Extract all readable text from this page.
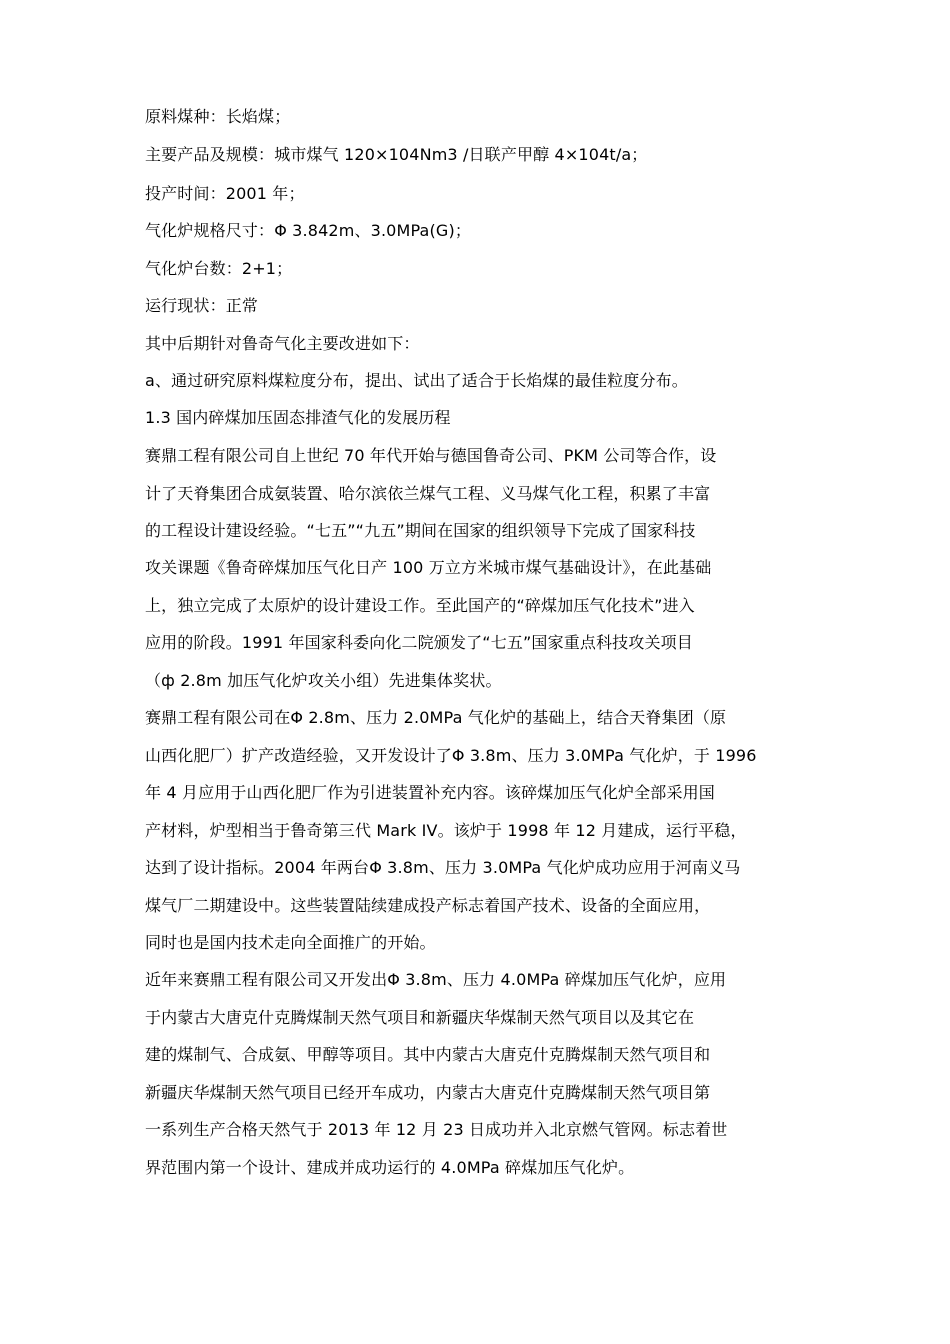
原料煤种：长焰煤；

主要产品及规模：城市煤气 120×104Nm3 /日联产甲醇 4×104t/a；

投产时间：2001 年；

气化炉规格尺寸：Φ 3.842m、3.0MPa(G)；

气化炉台数：2+1；

运行现状：正常

其中后期针对鲁奇气化主要改进如下：

a、通过研究原料煤粒度分布，提出、试出了适合于长焰煤的最佳粒度分布。

1.3 国内碎煤加压固态排渣气化的发展历程

赛鼎工程有限公司自上世纪 70 年代开始与德国鲁奇公司、PKM 公司等合作，设

计了天脊集团合成氨装置、哈尔滨依兰煤气工程、义马煤气化工程，积累了丰富

的工程设计建设经验。“七五”“九五”期间在国家的组织领导下完成了国家科技

攻关课题《鲁奇碎煤加压气化日产 100 万立方米城市煤气基础设计》，在此基础

上，独立完成了太原炉的设计建设工作。至此国产的“碎煤加压气化技术”进入

应用的阶段。1991 年国家科委向化二院颁发了“七五”国家重点科技攻关项目

（ф 2.8m 加压气化炉攻关小组）先进集体奖状。

赛鼎工程有限公司在Φ 2.8m、压力 2.0MPa 气化炉的基础上，结合天脊集团（原

山西化肥厂）扩产改造经验，又开发设计了Φ 3.8m、压力 3.0MPa 气化炉，于 1996

年 4 月应用于山西化肥厂作为引进装置补充内容。该碎煤加压气化炉全部采用国

产材料，炉型相当于鲁奇第三代 Mark IV。该炉于 1998 年 12 月建成，运行平稳，

达到了设计指标。2004 年两台Φ 3.8m、压力 3.0MPa 气化炉成功应用于河南义马

煤气厂二期建设中。这些装置陆续建成投产标志着国产技术、设备的全面应用，

同时也是国内技术走向全面推广的开始。

近年来赛鼎工程有限公司又开发出Φ 3.8m、压力 4.0MPa 碎煤加压气化炉，应用

于内蒙古大唐克什克腾煤制天然气项目和新疆庆华煤制天然气项目以及其它在

建的煤制气、合成氨、甲醇等项目。其中内蒙古大唐克什克腾煤制天然气项目和

新疆庆华煤制天然气项目已经开车成功，内蒙古大唐克什克腾煤制天然气项目第

一系列生产合格天然气于 2013 年 12 月 23 日成功并入北京燃气管网。标志着世

界范围内第一个设计、建成并成功运行的 4.0MPa 碎煤加压气化炉。
